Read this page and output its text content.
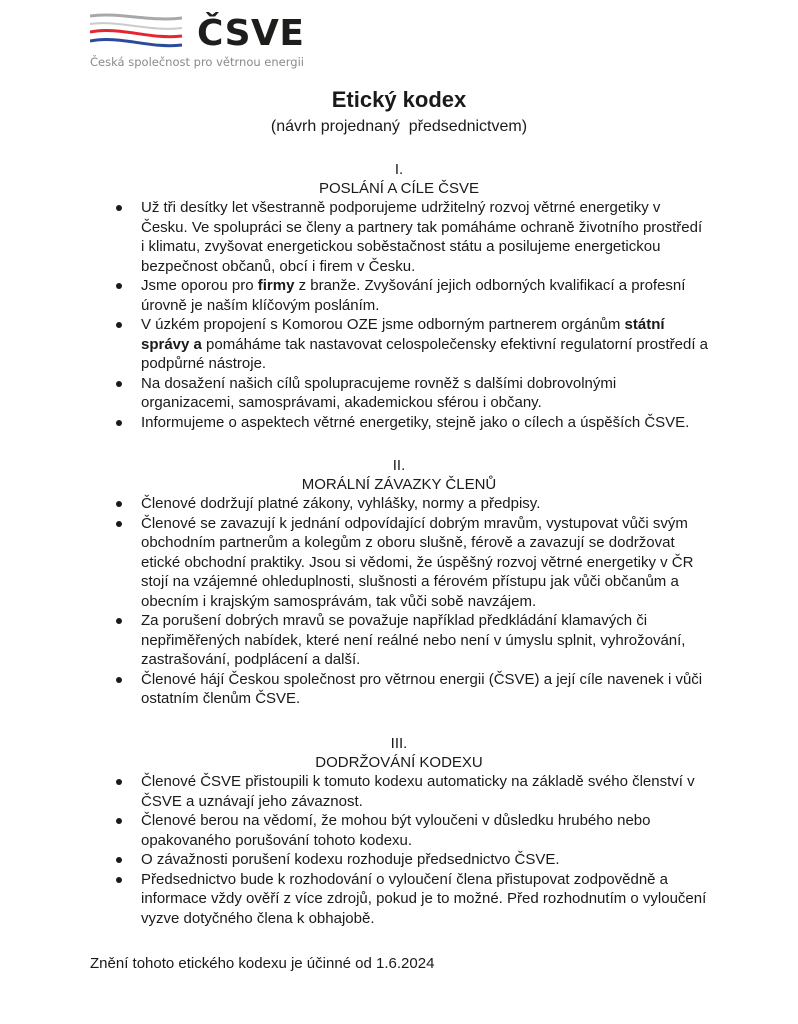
ČSVE
Česká společnost pro větrnou energii
Etický kodex
(návrh projednaný  předsednictvem)
I.
POSLÁNÍ A CÍLE ČSVE
Už tři desítky let všestranně podporujeme udržitelný rozvoj větrné energetiky v Česku. Ve spolupráci se členy a partnery tak pomáháme ochraně životního prostředí i klimatu, zvyšovat energetickou soběstačnost státu a posilujeme energetickou bezpečnost občanů, obcí i firem v Česku.
Jsme oporou pro firmy z branže. Zvyšování jejich odborných kvalifikací a profesní úrovně je naším klíčovým posláním.
V úzkém propojení s Komorou OZE jsme odborným partnerem orgánům státní správy a pomáháme tak nastavovat celospolečensky efektivní regulatorní prostředí a podpůrné nástroje.
Na dosažení našich cílů spolupracujeme rovněž s dalšími dobrovolnými organizacemi, samosprávami, akademickou sférou i občany.
Informujeme o aspektech větrné energetiky, stejně jako o cílech a úspěších ČSVE.
II.
MORÁLNÍ ZÁVAZKY ČLENŮ
Členové dodržují platné zákony, vyhlášky, normy a předpisy.
Členové se zavazují k jednání odpovídající dobrým mravům, vystupovat vůči svým obchodním partnerům a kolegům z oboru slušně, férově a zavazují se dodržovat etické obchodní praktiky. Jsou si vědomi, že úspěšný rozvoj větrné energetiky v ČR stojí na vzájemné ohleduplnosti, slušnosti a férovém přístupu jak vůči občanům a obecním i krajským samosprávám, tak vůči sobě navzájem.
Za porušení dobrých mravů se považuje například předkládání klamavých či nepřiměřených nabídek, které není reálné nebo není v úmyslu splnit, vyhrožování, zastrašování, podplácení a další.
Členové hájí Českou společnost pro větrnou energii (ČSVE) a její cíle navenek i vůči ostatním členům ČSVE.
III.
DODRŽOVÁNÍ KODEXU
Členové ČSVE přistoupili k tomuto kodexu automaticky na základě svého členství v ČSVE a uznávají jeho závaznost.
Členové berou na vědomí, že mohou být vyloučeni v důsledku hrubého nebo opakovaného porušování tohoto kodexu.
O závažnosti porušení kodexu rozhoduje předsednictvo ČSVE.
Předsednictvo bude k rozhodování o vyloučení člena přistupovat zodpovědně a informace vždy ověří z více zdrojů, pokud je to možné. Před rozhodnutím o vyloučení vyzve dotyčného člena k obhajobě.
Znění tohoto etického kodexu je účinné od 1.6.2024
